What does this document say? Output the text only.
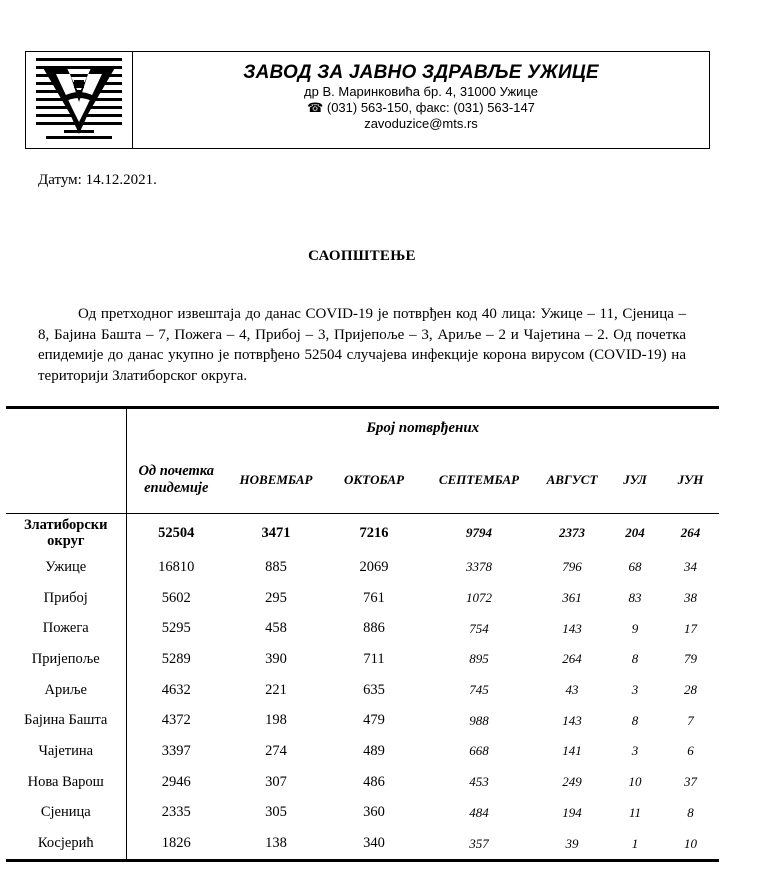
ЗАВОД ЗА ЈАВНО ЗДРАВЉЕ УЖИЦЕ
др В. Маринковића бр. 4, 31000 Ужице
☎ (031) 563-150, факс: (031) 563-147
zavoduzice@mts.rs
Датум: 14.12.2021.
САОПШТЕЊЕ
Од претходног извештаја до данас COVID-19 је потврђен код 40 лица: Ужице – 11, Сјеница – 8, Бајина Башта – 7, Пожега – 4, Прибој – 3, Пријепоље – 3, Ариље – 2 и Чајетина – 2. Од почетка епидемије до данас укупно је потврђено 52504 случајева инфекције корона вирусом (COVID-19) на територији Златиборског округа.
	Број потврђених						
	Од почетка епидемије	НОВЕМБАР	ОКТОБАР	СЕПТЕМБАР	АВГУСТ	ЈУЛ	ЈУН
Златиборски округ	52504	3471	7216	9794	2373	204	264
Ужице	16810	885	2069	3378	796	68	34
Прибој	5602	295	761	1072	361	83	38
Пожега	5295	458	886	754	143	9	17
Пријепоље	5289	390	711	895	264	8	79
Ариље	4632	221	635	745	43	3	28
Бајина Башта	4372	198	479	988	143	8	7
Чајетина	3397	274	489	668	141	3	6
Нова Варош	2946	307	486	453	249	10	37
Сјеница	2335	305	360	484	194	11	8
Косјерић	1826	138	340	357	39	1	10
